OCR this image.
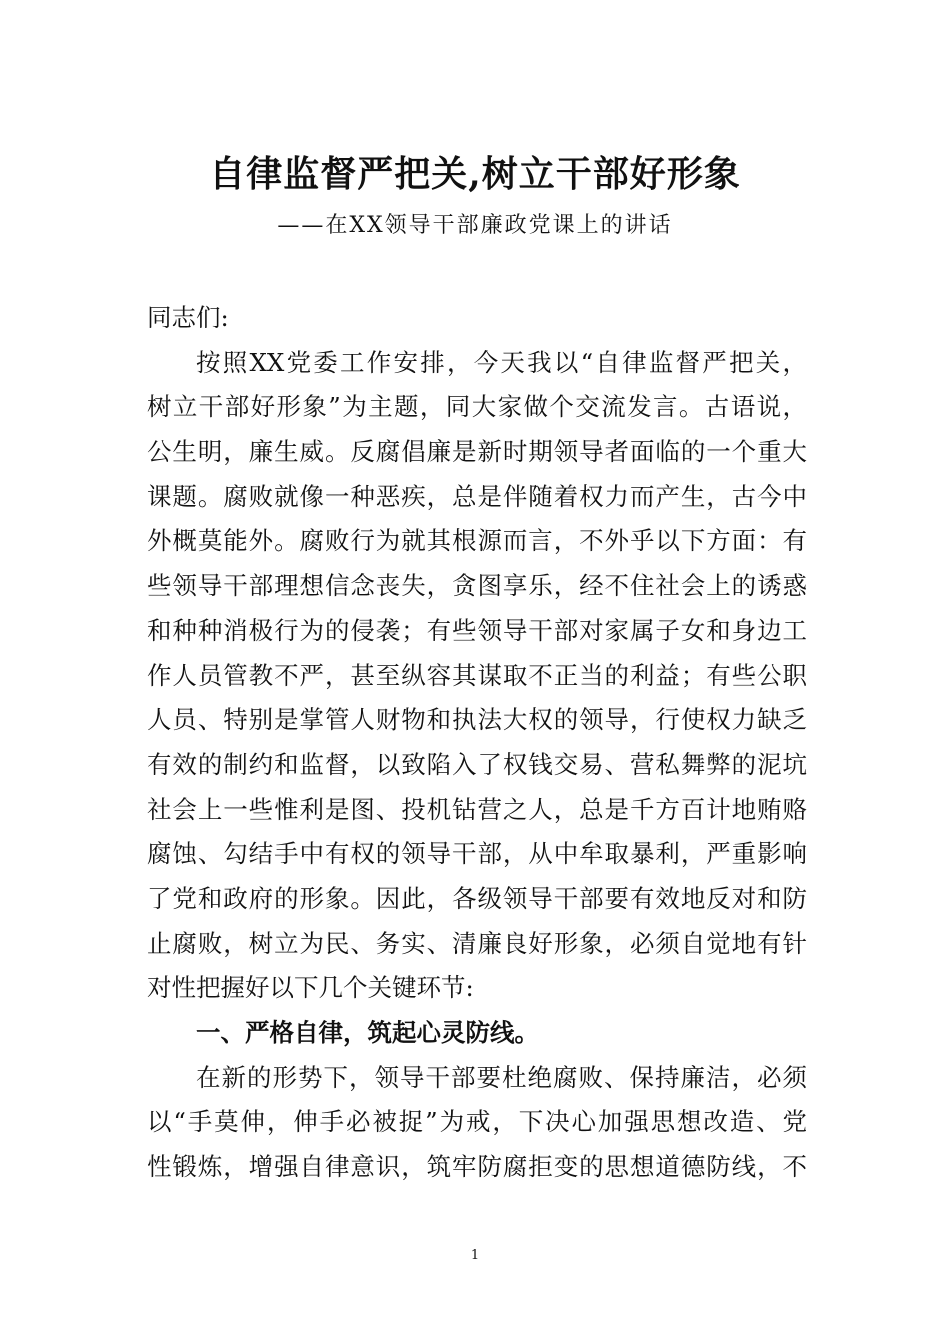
自律监督严把关,树立干部好形象
——在XX领导干部廉政党课上的讲话
同志们:
按照XX党委工作安排，今天我以“自律监督严把关，
树立干部好形象”为主题，同大家做个交流发言。古语说，
公生明，廉生威。反腐倡廉是新时期领导者面临的一个重大
课题。腐败就像一种恶疾，总是伴随着权力而产生，古今中
外概莫能外。腐败行为就其根源而言，不外乎以下方面：有
些领导干部理想信念丧失，贪图享乐，经不住社会上的诱惑
和种种消极行为的侵袭；有些领导干部对家属子女和身边工
作人员管教不严，甚至纵容其谋取不正当的利益；有些公职
人员、特别是掌管人财物和执法大权的领导，行使权力缺乏
有效的制约和监督，以致陷入了权钱交易、营私舞弊的泥坑
社会上一些惟利是图、投机钻营之人，总是千方百计地贿赂
腐蚀、勾结手中有权的领导干部，从中牟取暴利，严重影响
了党和政府的形象。因此，各级领导干部要有效地反对和防
止腐败，树立为民、务实、清廉良好形象，必须自觉地有针
对性把握好以下几个关键环节:
一、严格自律，筑起心灵防线。
在新的形势下，领导干部要杜绝腐败、保持廉洁，必须
以“手莫伸，伸手必被捉”为戒，下决心加强思想改造、党
性锻炼，增强自律意识，筑牢防腐拒变的思想道德防线，不
1
